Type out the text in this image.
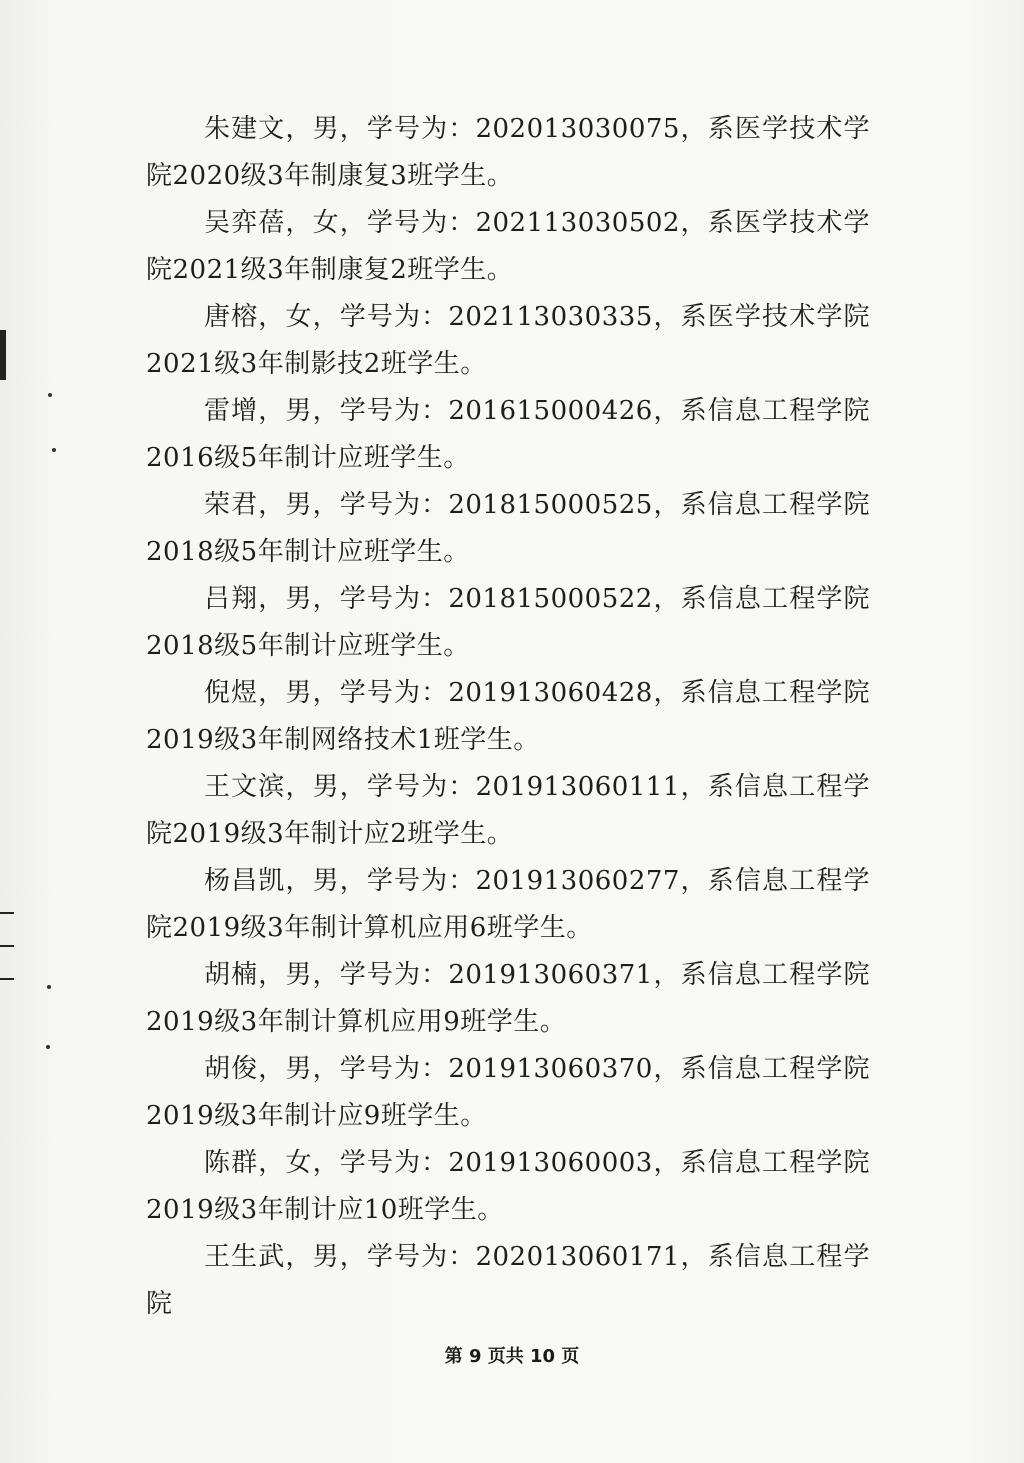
朱建文，男，学号为：202013030075，系医学技术学院2020级3年制康复3班学生。

吴弈蓓，女，学号为：202113030502，系医学技术学院2021级3年制康复2班学生。

唐榕，女，学号为：202113030335，系医学技术学院2021级3年制影技2班学生。

雷增，男，学号为：201615000426，系信息工程学院2016级5年制计应班学生。

荣君，男，学号为：201815000525，系信息工程学院2018级5年制计应班学生。

吕翔，男，学号为：201815000522，系信息工程学院2018级5年制计应班学生。

倪煜，男，学号为：201913060428，系信息工程学院2019级3年制网络技术1班学生。

王文滨，男，学号为：201913060111，系信息工程学院2019级3年制计应2班学生。

杨昌凯，男，学号为：201913060277，系信息工程学院2019级3年制计算机应用6班学生。

胡楠，男，学号为：201913060371，系信息工程学院2019级3年制计算机应用9班学生。

胡俊，男，学号为：201913060370，系信息工程学院2019级3年制计应9班学生。

陈群，女，学号为：201913060003，系信息工程学院2019级3年制计应10班学生。

王生武，男，学号为：202013060171，系信息工程学院

第 9 页共 10 页
